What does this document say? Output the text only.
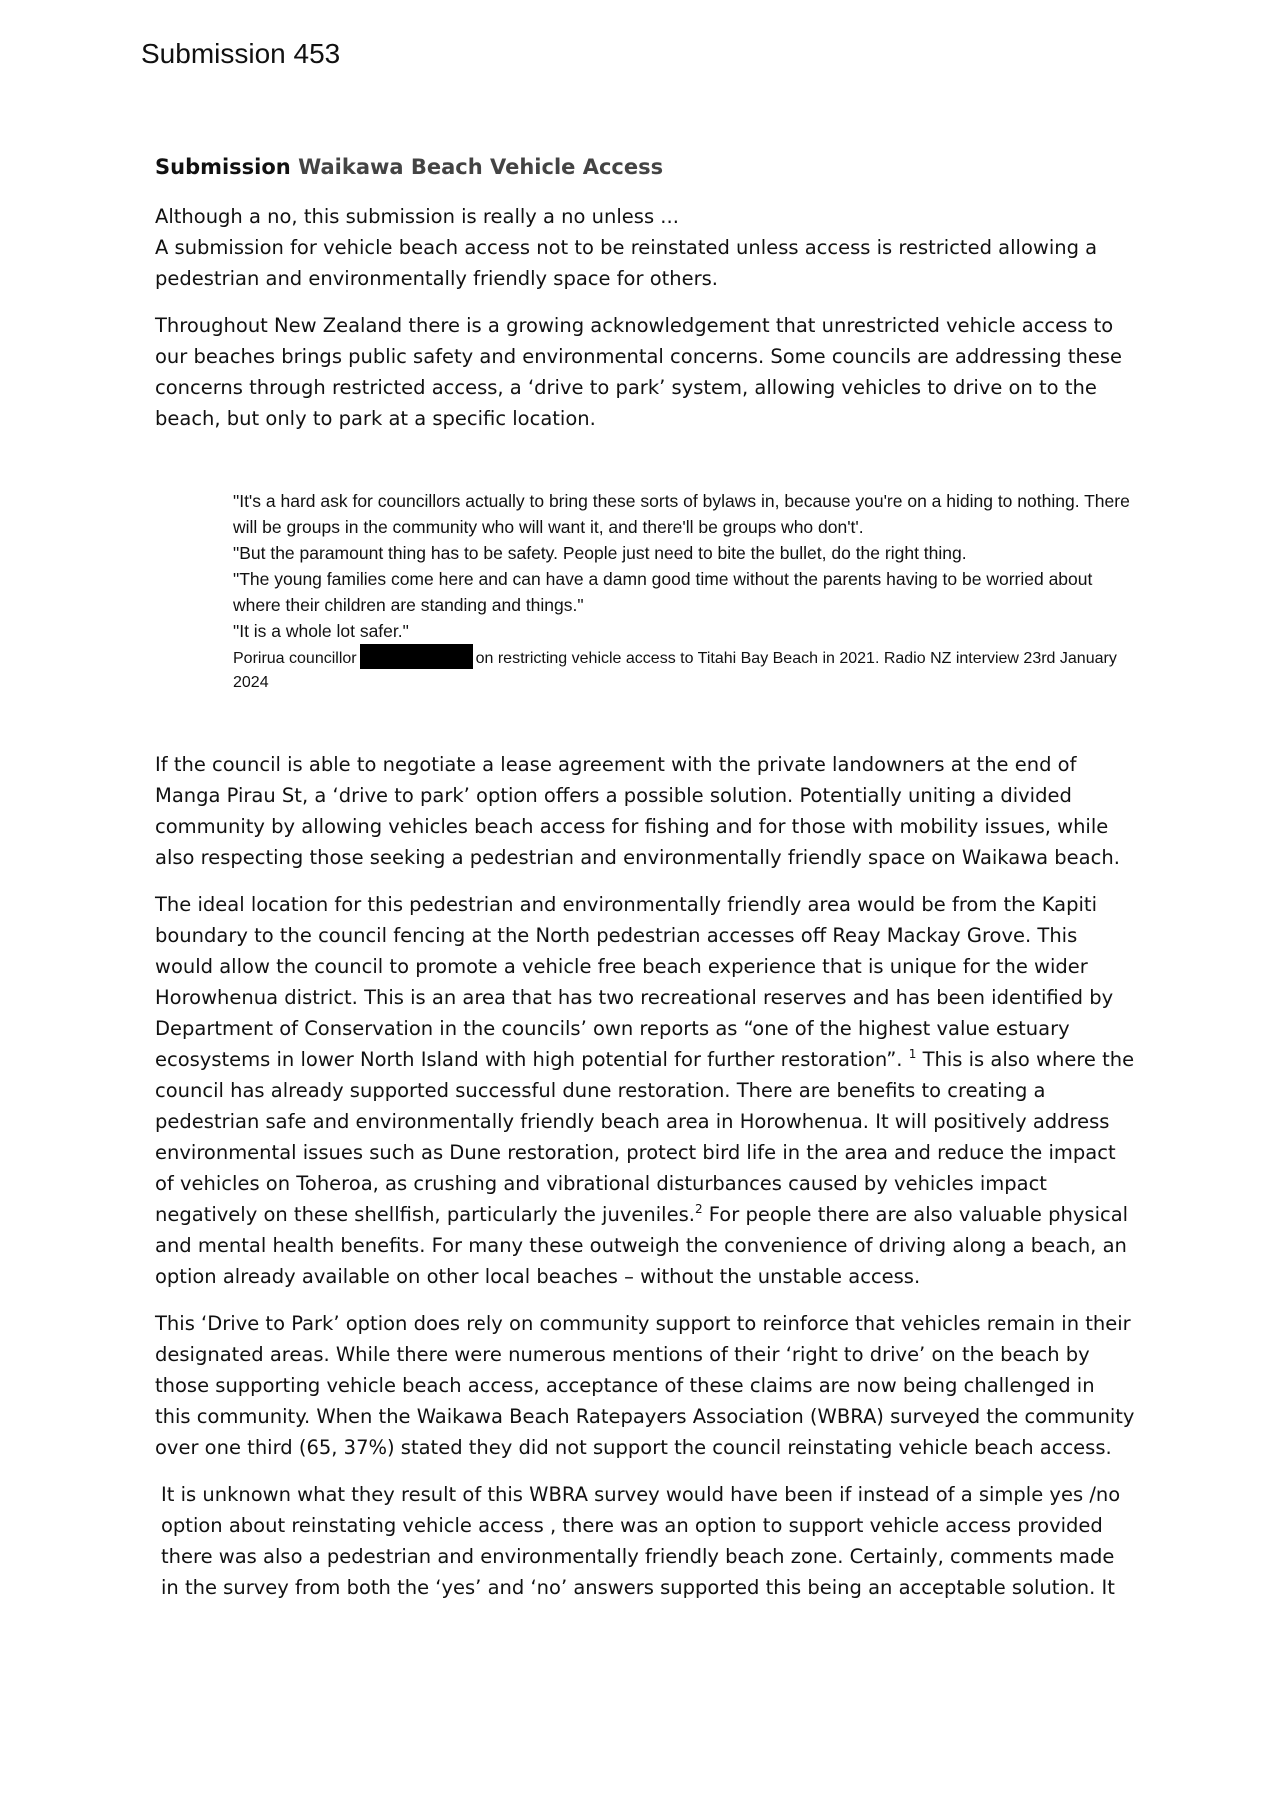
Submission 453
Submission Waikawa Beach Vehicle Access

Although a no, this submission is really a no unless ...
A submission for vehicle beach access not to be reinstated unless access is restricted allowing a pedestrian and environmentally friendly space for others.

Throughout New Zealand there is a growing acknowledgement that unrestricted vehicle access to our beaches brings public safety and environmental concerns. Some councils are addressing these concerns through restricted access, a ‘drive to park’ system, allowing vehicles to drive on to the beach, but only to park at a specific location.

"It's a hard ask for councillors actually to bring these sorts of bylaws in, because you're on a hiding to nothing. There will be groups in the community who will want it, and there'll be groups who don't'.

"But the paramount thing has to be safety. People just need to bite the bullet, do the right thing.

"The young families come here and can have a damn good time without the parents having to be worried about where their children are standing and things."

"It is a whole lot safer."

Porirua councillor	on restricting vehicle access to Titahi Bay Beach in 2021. Radio NZ interview 23rd January 2024

If the council is able to negotiate a lease agreement with the private landowners at the end of Manga Pirau St, a ‘drive to park’ option offers a possible solution. Potentially uniting a divided community by allowing vehicles beach access for fishing and for those with mobility issues, while also respecting those seeking a pedestrian and environmentally friendly space on Waikawa beach.

The ideal location for this pedestrian and environmentally friendly area would be from the Kapiti boundary to the council fencing at the North pedestrian accesses off Reay Mackay Grove. This would allow the council to promote a vehicle free beach experience that is unique for the wider Horowhenua district. This is an area that has two recreational reserves and has been identified by Department of Conservation in the councils’ own reports as “one of the highest value estuary ecosystems in lower North Island with high potential for further restoration”. $^1$ This is also where the council has already supported successful dune restoration. There are benefits to creating a pedestrian safe and environmentally friendly beach area in Horowhenua. It will positively address environmental issues such as Dune restoration, protect bird life in the area and reduce the impact of vehicles on Toheroa, as crushing and vibrational disturbances caused by vehicles impact negatively on these shellfish, particularly the juveniles.$^2$ For people there are also valuable physical and mental health benefits. For many these outweigh the convenience of driving along a beach, an option already available on other local beaches – without the unstable access.

This ‘Drive to Park’ option does rely on community support to reinforce that vehicles remain in their designated areas. While there were numerous mentions of their ‘right to drive’ on the beach by those supporting vehicle beach access, acceptance of these claims are now being challenged in this community. When the Waikawa Beach Ratepayers Association (WBRA) surveyed the community over one third (65, 37%) stated they did not support the council reinstating vehicle beach access.

It is unknown what they result of this WBRA survey would have been if instead of a simple yes /no option about reinstating vehicle access , there was an option to support vehicle access provided there was also a pedestrian and environmentally friendly beach zone. Certainly, comments made in the survey from both the ‘yes’ and ‘no’ answers supported this being an acceptable solution. It
